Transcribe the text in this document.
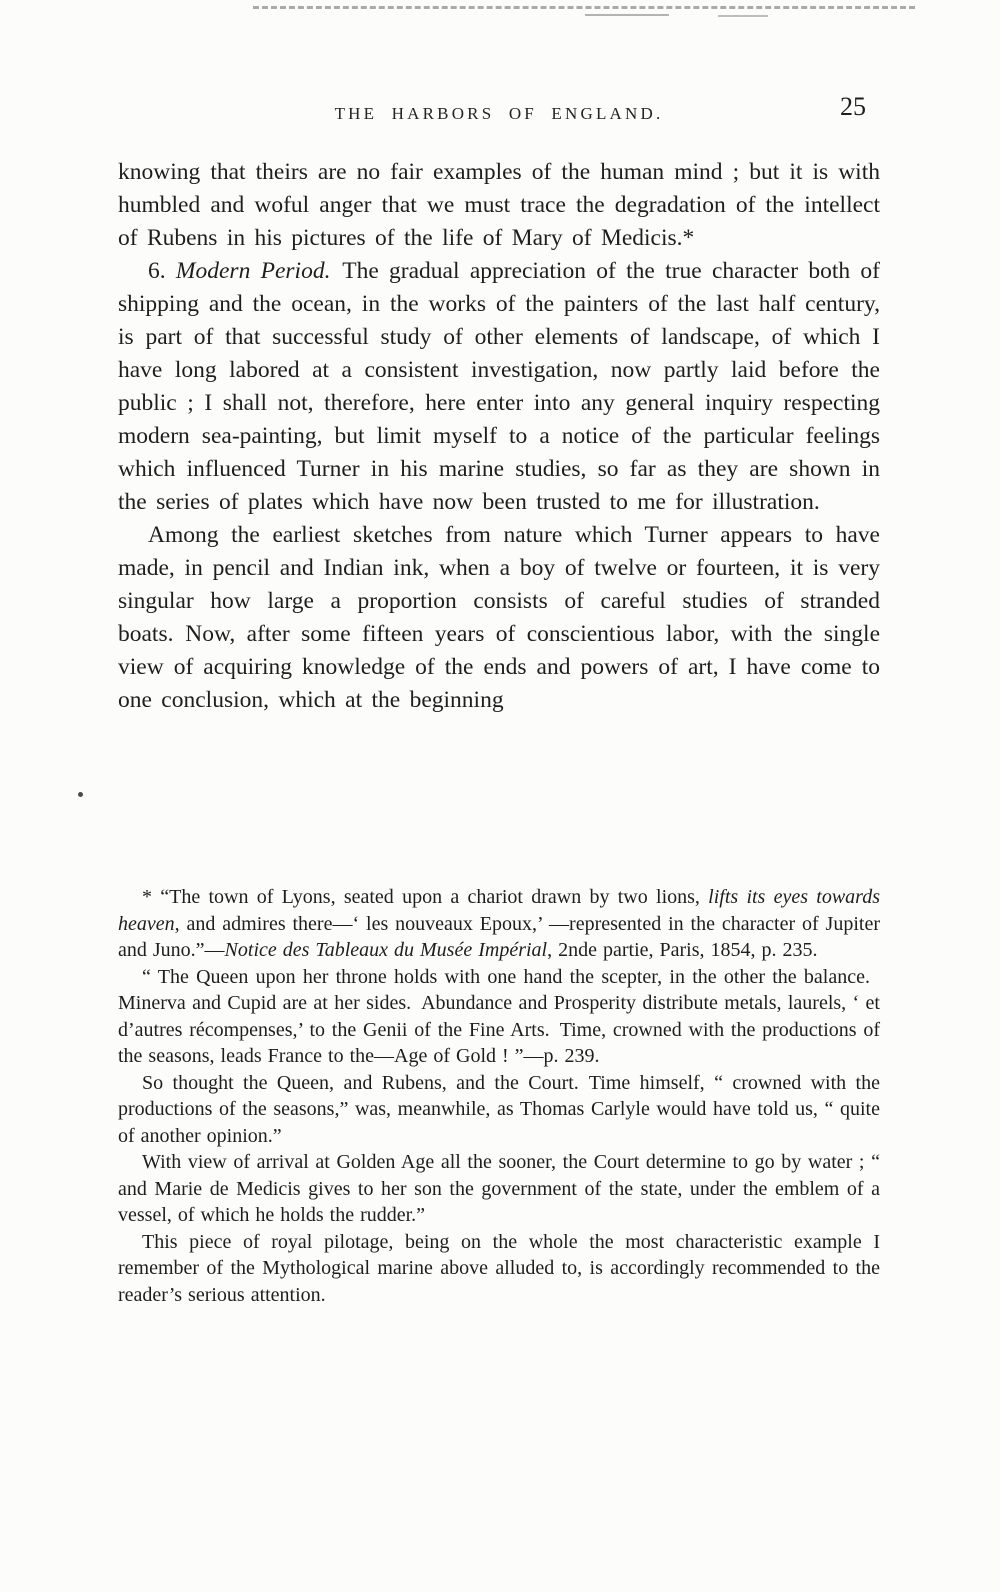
THE HARBORS OF ENGLAND.	25

knowing that theirs are no fair examples of the human mind ; but it is with humbled and woful anger that we must trace the degradation of the intellect of Rubens in his pictures of the life of Mary of Medicis.*

6. Modern Period. The gradual appreciation of the true character both of shipping and the ocean, in the works of the painters of the last half century, is part of that successful study of other elements of landscape, of which I have long labored at a consistent investigation, now partly laid before the public ; I shall not, therefore, here enter into any general inquiry respecting modern sea-painting, but limit myself to a notice of the particular feelings which influenced Turner in his marine studies, so far as they are shown in the series of plates which have now been trusted to me for illustration.

Among the earliest sketches from nature which Turner appears to have made, in pencil and Indian ink, when a boy of twelve or fourteen, it is very singular how large a proportion consists of careful studies of stranded boats. Now, after some fifteen years of conscientious labor, with the single view of acquiring knowledge of the ends and powers of art, I have come to one conclusion, which at the beginning

* “The town of Lyons, seated upon a chariot drawn by two lions, lifts its eyes towards heaven, and admires there—‘ les nouveaux Epoux,’ —represented in the character of Jupiter and Juno.”—Notice des Tableaux du Musée Impérial, 2nde partie, Paris, 1854, p. 235.

“ The Queen upon her throne holds with one hand the scepter, in the other the balance. Minerva and Cupid are at her sides. Abundance and Prosperity distribute metals, laurels, ‘ et d’autres récompenses,’ to the Genii of the Fine Arts. Time, crowned with the productions of the seasons, leads France to the—Age of Gold ! ”—p. 239.

So thought the Queen, and Rubens, and the Court. Time himself, “ crowned with the productions of the seasons,” was, meanwhile, as Thomas Carlyle would have told us, “ quite of another opinion.”

With view of arrival at Golden Age all the sooner, the Court determine to go by water ; “ and Marie de Medicis gives to her son the government of the state, under the emblem of a vessel, of which he holds the rudder.”

This piece of royal pilotage, being on the whole the most characteristic example I remember of the Mythological marine above alluded to, is accordingly recommended to the reader’s serious attention.
